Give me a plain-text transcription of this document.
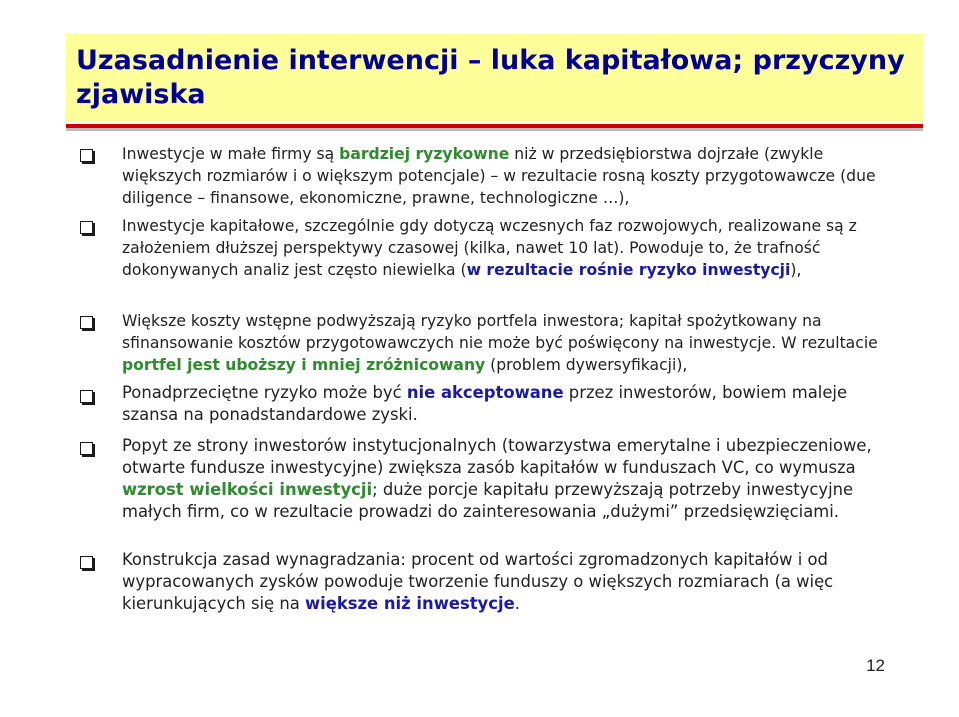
Uzasadnienie interwencji – luka kapitałowa; przyczyny zjawiska
Inwestycje w małe firmy są bardziej ryzykowne niż w przedsiębiorstwa dojrzałe (zwykle większych rozmiarów i o większym potencjale) – w rezultacie rosną koszty przygotowawcze (due diligence – finansowe, ekonomiczne, prawne, technologiczne …),
Inwestycje kapitałowe, szczególnie gdy dotyczą wczesnych faz rozwojowych, realizowane są z założeniem dłuższej perspektywy czasowej (kilka, nawet 10 lat). Powoduje to, że trafność dokonywanych analiz jest często niewielka (w rezultacie rośnie ryzyko inwestycji),
Większe koszty wstępne podwyższają ryzyko portfela inwestora; kapitał spożytkowany na sfinansowanie kosztów przygotowawczych nie może być poświęcony na inwestycje. W rezultacie portfel jest uboższy i mniej zróżnicowany (problem dywersyfikacji),
Ponadprzeciętne ryzyko może być nie akceptowane przez inwestorów, bowiem maleje szansa na ponadstandardowe zyski.
Popyt ze strony inwestorów instytucjonalnych (towarzystwa emerytalne i ubezpieczeniowe, otwarte fundusze inwestycyjne) zwiększa zasób kapitałów w funduszach VC, co wymusza wzrost wielkości inwestycji; duże porcje kapitału przewyższają potrzeby inwestycyjne małych firm, co w rezultacie prowadzi do zainteresowania „dużymi” przedsięwzięciami.
Konstrukcja zasad wynagradzania: procent od wartości zgromadzonych kapitałów i od wypracowanych zysków powoduje tworzenie funduszy o większych rozmiarach (a więc kierunkujących się na większe niż inwestycje.
12
